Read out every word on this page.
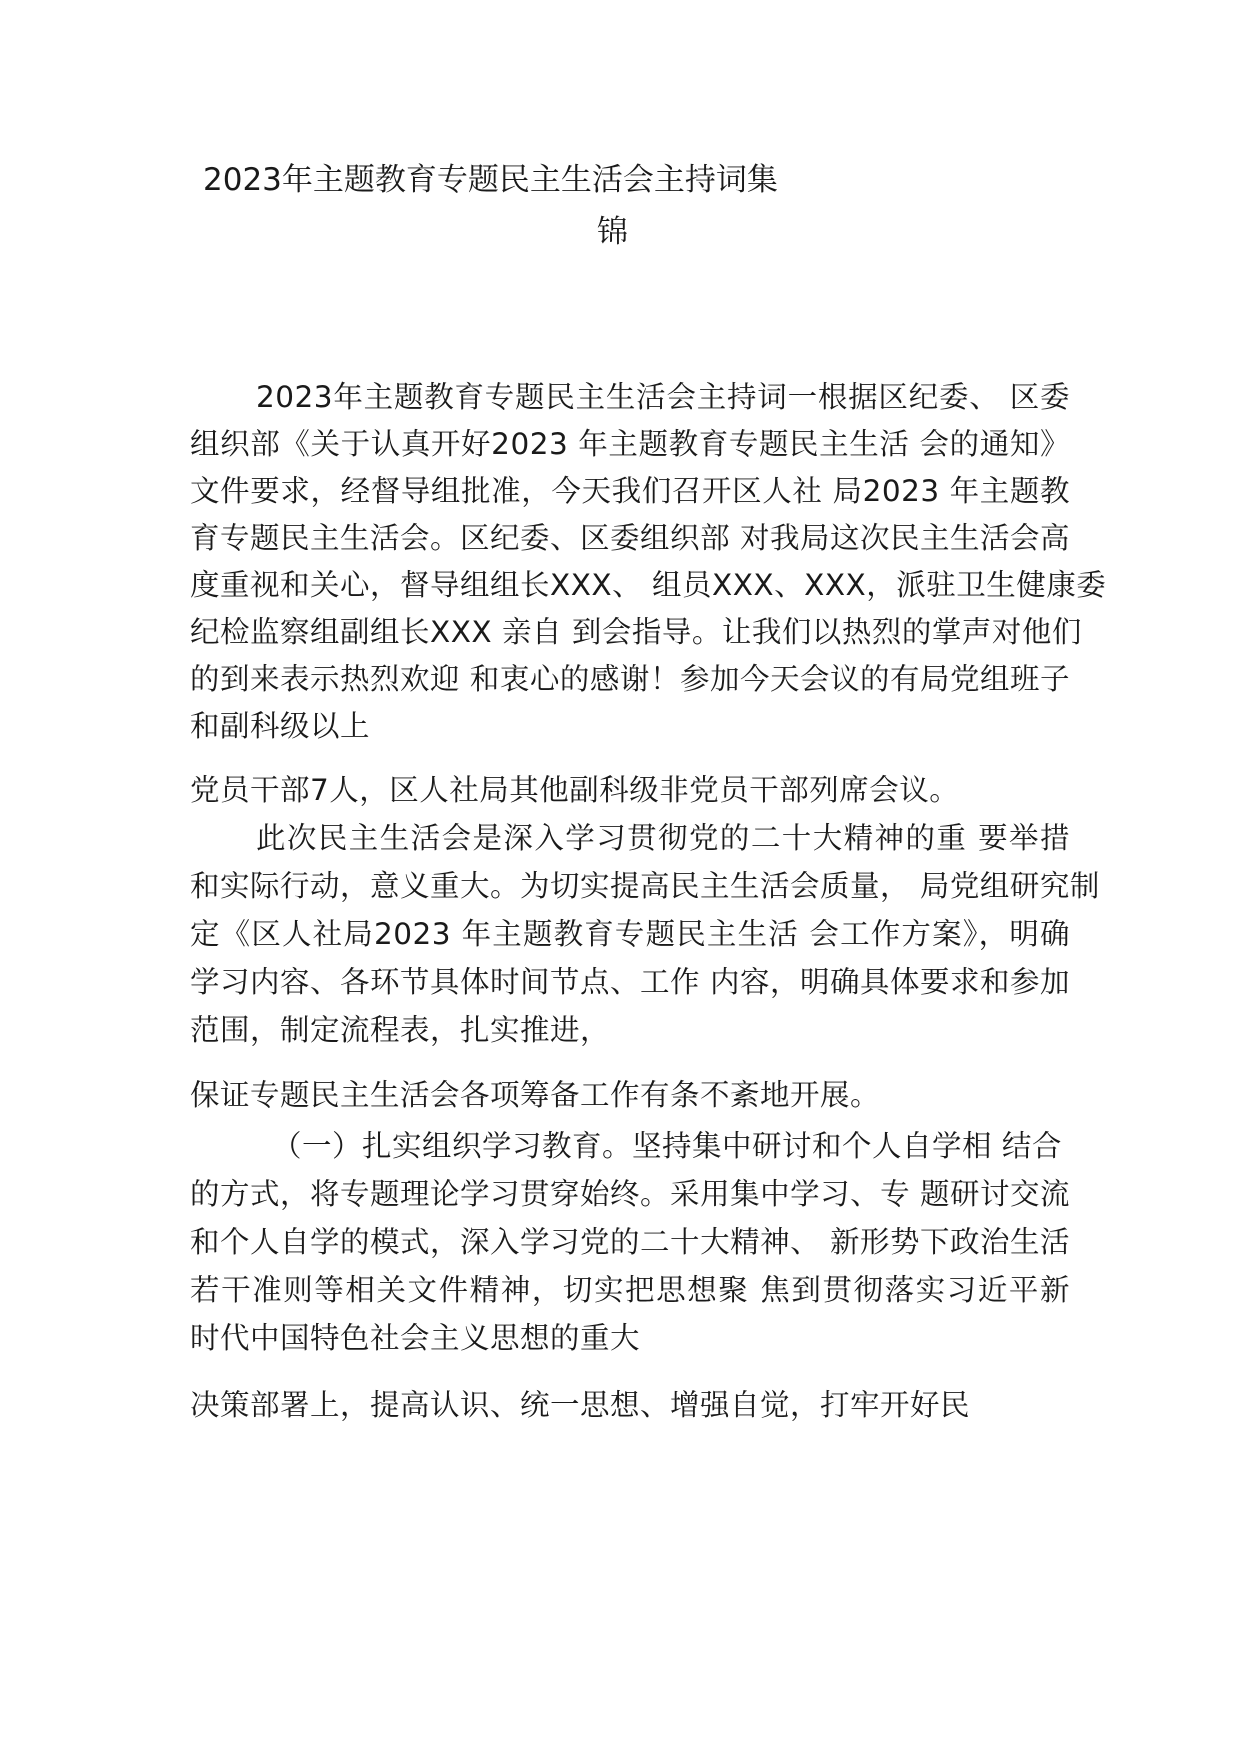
2023年主题教育专题民主生活会主持词集
锦
2023年主题教育专题民主生活会主持词一根据区纪委、 区委
组织部《关于认真开好2023 年主题教育专题民主生活 会的通知》
文件要求，经督导组批准，今天我们召开区人社 局2023 年主题教
育专题民主生活会。区纪委、区委组织部 对我局这次民主生活会高
度重视和关心，督导组组长XXX、 组员XXX、XXX，派驻卫生健康委
纪检监察组副组长XXX 亲自 到会指导。让我们以热烈的掌声对他们
的到来表示热烈欢迎 和衷心的感谢！参加今天会议的有局党组班子
和副科级以上
党员干部7人，区人社局其他副科级非党员干部列席会议。
此次民主生活会是深入学习贯彻党的二十大精神的重 要举措
和实际行动，意义重大。为切实提高民主生活会质量， 局党组研究制
定《区人社局2023 年主题教育专题民主生活 会工作方案》，明确
学习内容、各环节具体时间节点、工作 内容，明确具体要求和参加
范围，制定流程表，扎实推进，
保证专题民主生活会各项筹备工作有条不紊地开展。
（一）扎实组织学习教育。坚持集中研讨和个人自学相 结合
的方式，将专题理论学习贯穿始终。采用集中学习、专 题研讨交流
和个人自学的模式，深入学习党的二十大精神、 新形势下政治生活
若干准则等相关文件精神，切实把思想聚 焦到贯彻落实习近平新
时代中国特色社会主义思想的重大
决策部署上，提高认识、统一思想、增强自觉，打牢开好民
